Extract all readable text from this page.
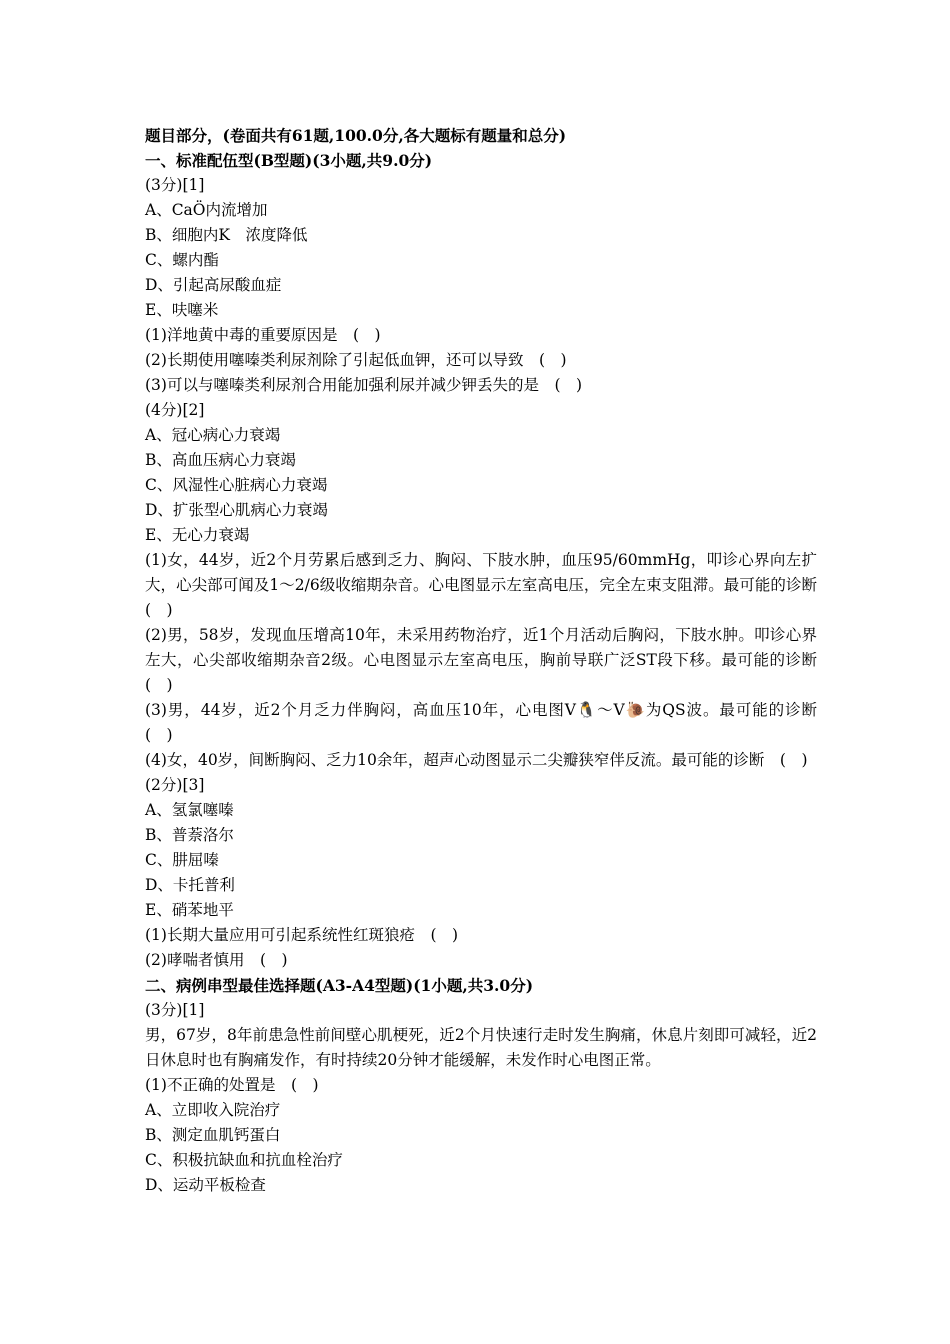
题目部分，(卷面共有61题,100.0分,各大题标有题量和总分)
一、标准配伍型(B型题)(3小题,共9.0分)
(3分)[1]
A、CaÖ内流增加
B、细胞内K　浓度降低
C、螺内酯
D、引起高尿酸血症
E、呋噻米
(1)洋地黄中毒的重要原因是　(　)
(2)长期使用噻嗪类利尿剂除了引起低血钾，还可以导致　(　)
(3)可以与噻嗪类利尿剂合用能加强利尿并减少钾丢失的是　(　)
(4分)[2]
A、冠心病心力衰竭
B、高血压病心力衰竭
C、风湿性心脏病心力衰竭
D、扩张型心肌病心力衰竭
E、无心力衰竭
(1)女，44岁，近2个月劳累后感到乏力、胸闷、下肢水肿，血压95/60mmHg，叩诊心界向左扩大，心尖部可闻及1～2/6级收缩期杂音。心电图显示左室高电压，完全左束支阻滞。最可能的诊断　(　)
(2)男，58岁，发现血压增高10年，未采用药物治疗，近1个月活动后胸闷，下肢水肿。叩诊心界左大，心尖部收缩期杂音2级。心电图显示左室高电压，胸前导联广泛ST段下移。最可能的诊断　(　)
(3)男，44岁，近2个月乏力伴胸闷，高血压10年，心电图V🐧～V🐌为QS波。最可能的诊断　(　)
(4)女，40岁，间断胸闷、乏力10余年，超声心动图显示二尖瓣狭窄伴反流。最可能的诊断　(　)
(2分)[3]
A、氢氯噻嗪
B、普萘洛尔
C、肼屈嗪
D、卡托普利
E、硝苯地平
(1)长期大量应用可引起系统性红斑狼疮　(　)
(2)哮喘者慎用　(　)
二、病例串型最佳选择题(A3-A4型题)(1小题,共3.0分)
(3分)[1]
男，67岁，8年前患急性前间壁心肌梗死，近2个月快速行走时发生胸痛，休息片刻即可减轻，近2日休息时也有胸痛发作，有时持续20分钟才能缓解，未发作时心电图正常。
(1)不正确的处置是　(　)
A、立即收入院治疗
B、测定血肌钙蛋白
C、积极抗缺血和抗血栓治疗
D、运动平板检查
